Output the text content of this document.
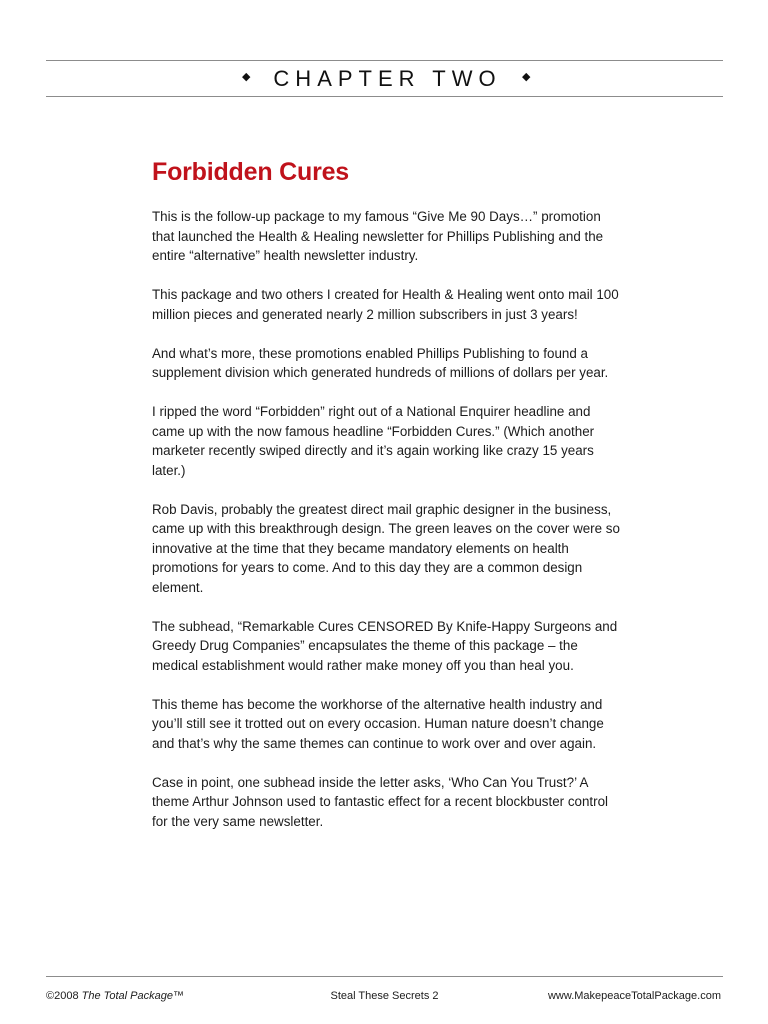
◆ CHAPTER TWO ◆
Forbidden Cures

This is the follow-up package to my famous “Give Me 90 Days…” promotion that launched the Health & Healing newsletter for Phillips Publishing and the entire “alternative” health newsletter industry.

This package and two others I created for Health & Healing went onto mail 100 million pieces and generated nearly 2 million subscribers in just 3 years!

And what’s more, these promotions enabled Phillips Publishing to found a supplement division which generated hundreds of millions of dollars per year.

I ripped the word “Forbidden” right out of a National Enquirer headline and came up with the now famous headline “Forbidden Cures.” (Which another marketer recently swiped directly and it’s again working like crazy 15 years later.)

Rob Davis, probably the greatest direct mail graphic designer in the business, came up with this breakthrough design. The green leaves on the cover were so innovative at the time that they became mandatory elements on health promotions for years to come. And to this day they are a common design element.

The subhead, “Remarkable Cures CENSORED By Knife-Happy Surgeons and Greedy Drug Companies” encapsulates the theme of this package – the medical establishment would rather make money off you than heal you.

This theme has become the workhorse of the alternative health industry and you’ll still see it trotted out on every occasion. Human nature doesn’t change and that’s why the same themes can continue to work over and over again.

Case in point, one subhead inside the letter asks, ‘Who Can You Trust?’ A theme Arthur Johnson used to fantastic effect for a recent blockbuster control for the very same newsletter.

©2008 The Total Package™	Steal These Secrets 2	www.MakepeaceTotalPackage.com
